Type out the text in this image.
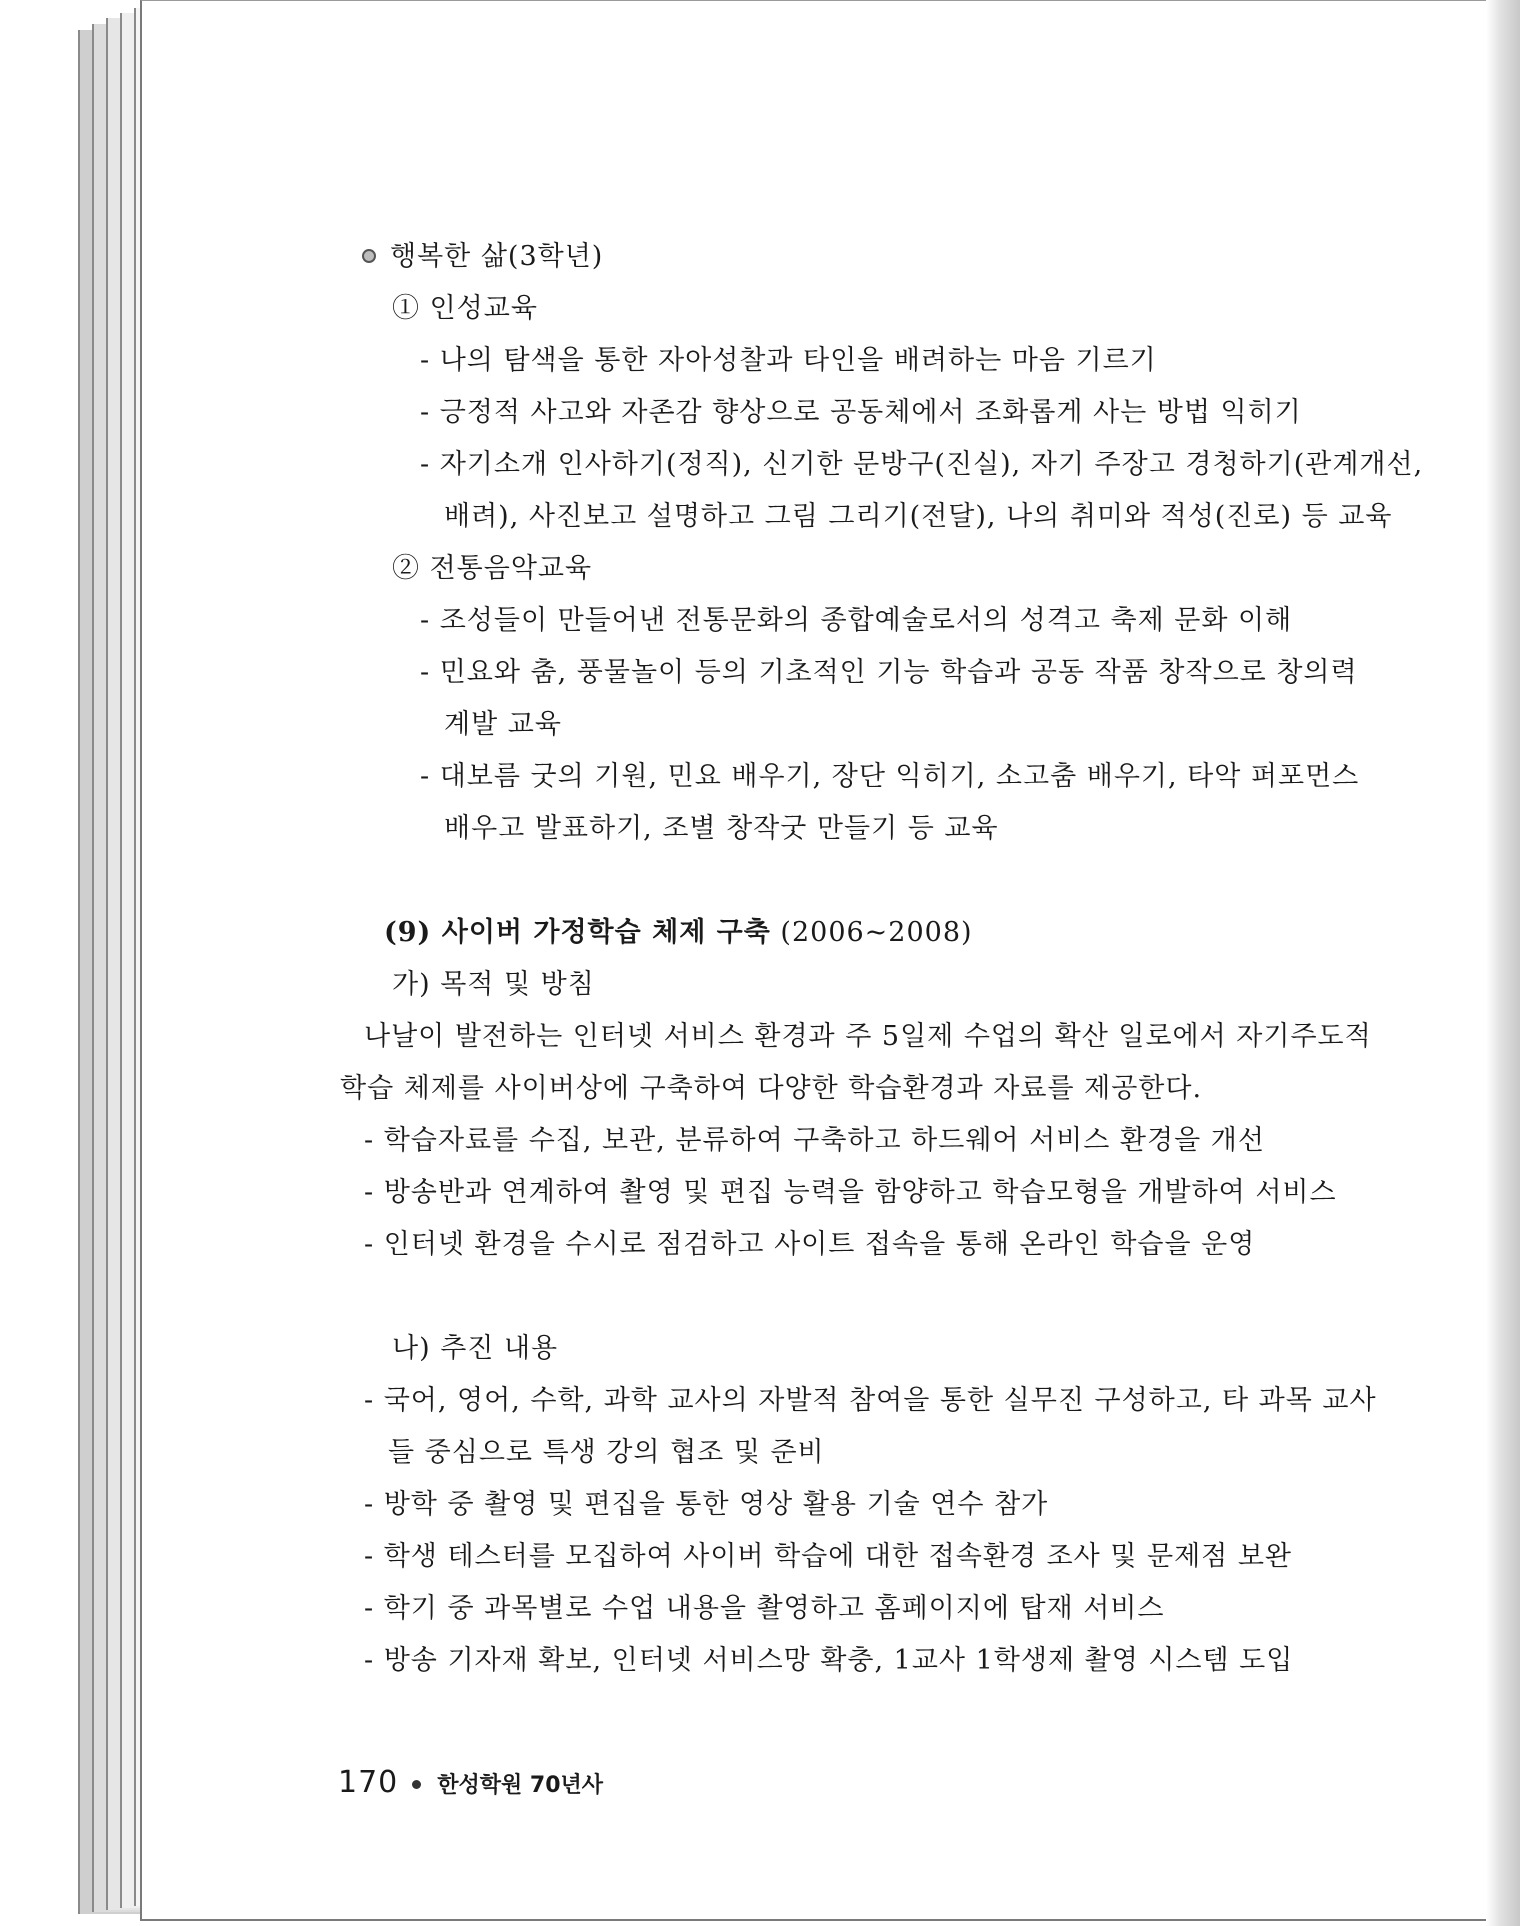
행복한 삶(3학년)
① 인성교육
- 나의 탐색을 통한 자아성찰과 타인을 배려하는 마음 기르기
- 긍정적 사고와 자존감 향상으로 공동체에서 조화롭게 사는 방법 익히기
- 자기소개 인사하기(정직), 신기한 문방구(진실), 자기 주장고 경청하기(관계개선,
배려), 사진보고 설명하고 그림 그리기(전달), 나의 취미와 적성(진로) 등 교육
② 전통음악교육
- 조성들이 만들어낸 전통문화의 종합예술로서의 성격고 축제 문화 이해
- 민요와 춤, 풍물놀이 등의 기초적인 기능 학습과 공동 작품 창작으로 창의력
계발 교육
- 대보름 굿의 기원, 민요 배우기, 장단 익히기, 소고춤 배우기, 타악 퍼포먼스
배우고 발표하기, 조별 창작굿 만들기 등 교육
(9) 사이버 가정학습 체제 구축 (2006~2008)
가) 목적 및 방침
나날이 발전하는 인터넷 서비스 환경과 주 5일제 수업의 확산 일로에서 자기주도적
학습 체제를 사이버상에 구축하여 다양한 학습환경과 자료를 제공한다.
- 학습자료를 수집, 보관, 분류하여 구축하고 하드웨어 서비스 환경을 개선
- 방송반과 연계하여 촬영 및 편집 능력을 함양하고 학습모형을 개발하여 서비스
- 인터넷 환경을 수시로 점검하고 사이트 접속을 통해 온라인 학습을 운영
나) 추진 내용
- 국어, 영어, 수학, 과학 교사의 자발적 참여을 통한 실무진 구성하고, 타 과목 교사
들 중심으로 특생 강의 협조 및 준비
- 방학 중 촬영 및 편집을 통한 영상 활용 기술 연수 참가
- 학생 테스터를 모집하여 사이버 학습에 대한 접속환경 조사 및 문제점 보완
- 학기 중 과목별로 수업 내용을 촬영하고 홈페이지에 탑재 서비스
- 방송 기자재 확보, 인터넷 서비스망 확충, 1교사 1학생제 촬영 시스템 도입
170 한성학원 70년사
